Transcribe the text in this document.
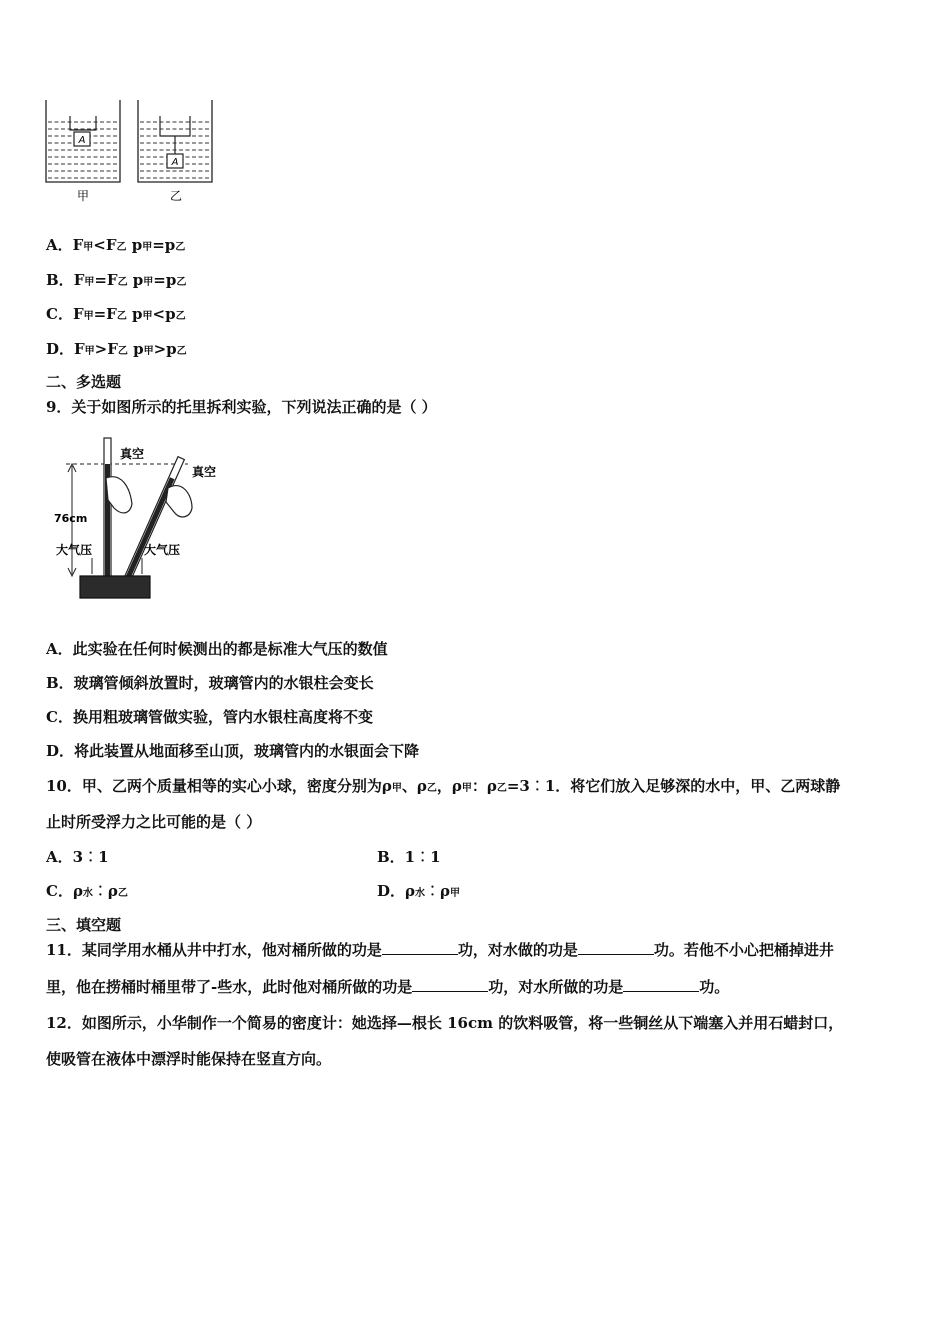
A
A
甲	乙
A．F甲<F乙 p甲=p乙
B．F甲=F乙 p甲=p乙
C．F甲=F乙 p甲<p乙
D．F甲>F乙 p甲>p乙
二、多选题
9．关于如图所示的托里拆利实验，下列说法正确的是（ ）
真空
真空
76cm
大气压	大气压
A．此实验在任何时候测出的都是标准大气压的数值
B．玻璃管倾斜放置时，玻璃管内的水银柱会变长
C．换用粗玻璃管做实验，管内水银柱高度将不变
D．将此装置从地面移至山顶，玻璃管内的水银面会下降
10．甲、乙两个质量相等的实心小球，密度分别为ρ甲、ρ乙，ρ甲：ρ乙=3︰1．将它们放入足够深的水中，甲、乙两球静
止时所受浮力之比可能的是（ ）
A．3︰1	B．1︰1
C．ρ水︰ρ乙	D．ρ水︰ρ甲
三、填空题
11．某同学用水桶从井中打水，他对桶所做的功是	功，对水做的功是	功。若他不小心把桶掉进井
里，他在捞桶时桶里带了-些水，此时他对桶所做的功是	功，对水所做的功是	功。
12．如图所示，小华制作一个简易的密度计：她选择—根长 16cm 的饮料吸管，将一些铜丝从下端塞入并用石蜡封口，
使吸管在液体中漂浮时能保持在竖直方向。
